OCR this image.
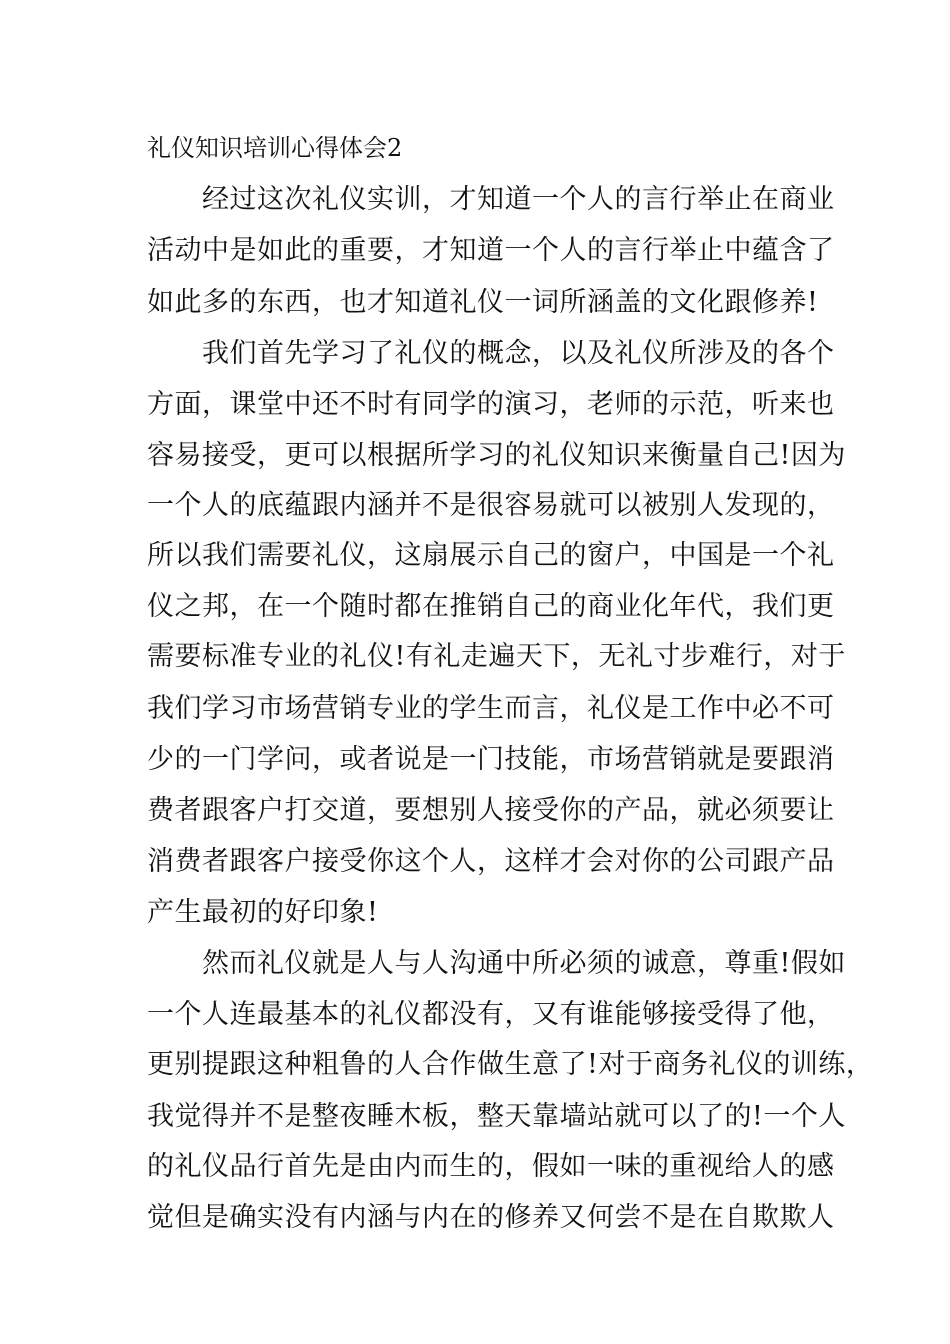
礼仪知识培训心得体会2
　　经过这次礼仪实训，才知道一个人的言行举止在商业
活动中是如此的重要，才知道一个人的言行举止中蕴含了
如此多的东西，也才知道礼仪一词所涵盖的文化跟修养!
　　我们首先学习了礼仪的概念，以及礼仪所涉及的各个
方面，课堂中还不时有同学的演习，老师的示范，听来也
容易接受，更可以根据所学习的礼仪知识来衡量自己!因为
一个人的底蕴跟内涵并不是很容易就可以被别人发现的，
所以我们需要礼仪，这扇展示自己的窗户，中国是一个礼
仪之邦，在一个随时都在推销自己的商业化年代，我们更
需要标准专业的礼仪!有礼走遍天下，无礼寸步难行，对于
我们学习市场营销专业的学生而言，礼仪是工作中必不可
少的一门学问，或者说是一门技能，市场营销就是要跟消
费者跟客户打交道，要想别人接受你的产品，就必须要让
消费者跟客户接受你这个人，这样才会对你的公司跟产品
产生最初的好印象!
　　然而礼仪就是人与人沟通中所必须的诚意，尊重!假如
一个人连最基本的礼仪都没有，又有谁能够接受得了他，
更别提跟这种粗鲁的人合作做生意了!对于商务礼仪的训练，
我觉得并不是整夜睡木板，整天靠墙站就可以了的!一个人
的礼仪品行首先是由内而生的，假如一味的重视给人的感
觉但是确实没有内涵与内在的修养又何尝不是在自欺欺人
